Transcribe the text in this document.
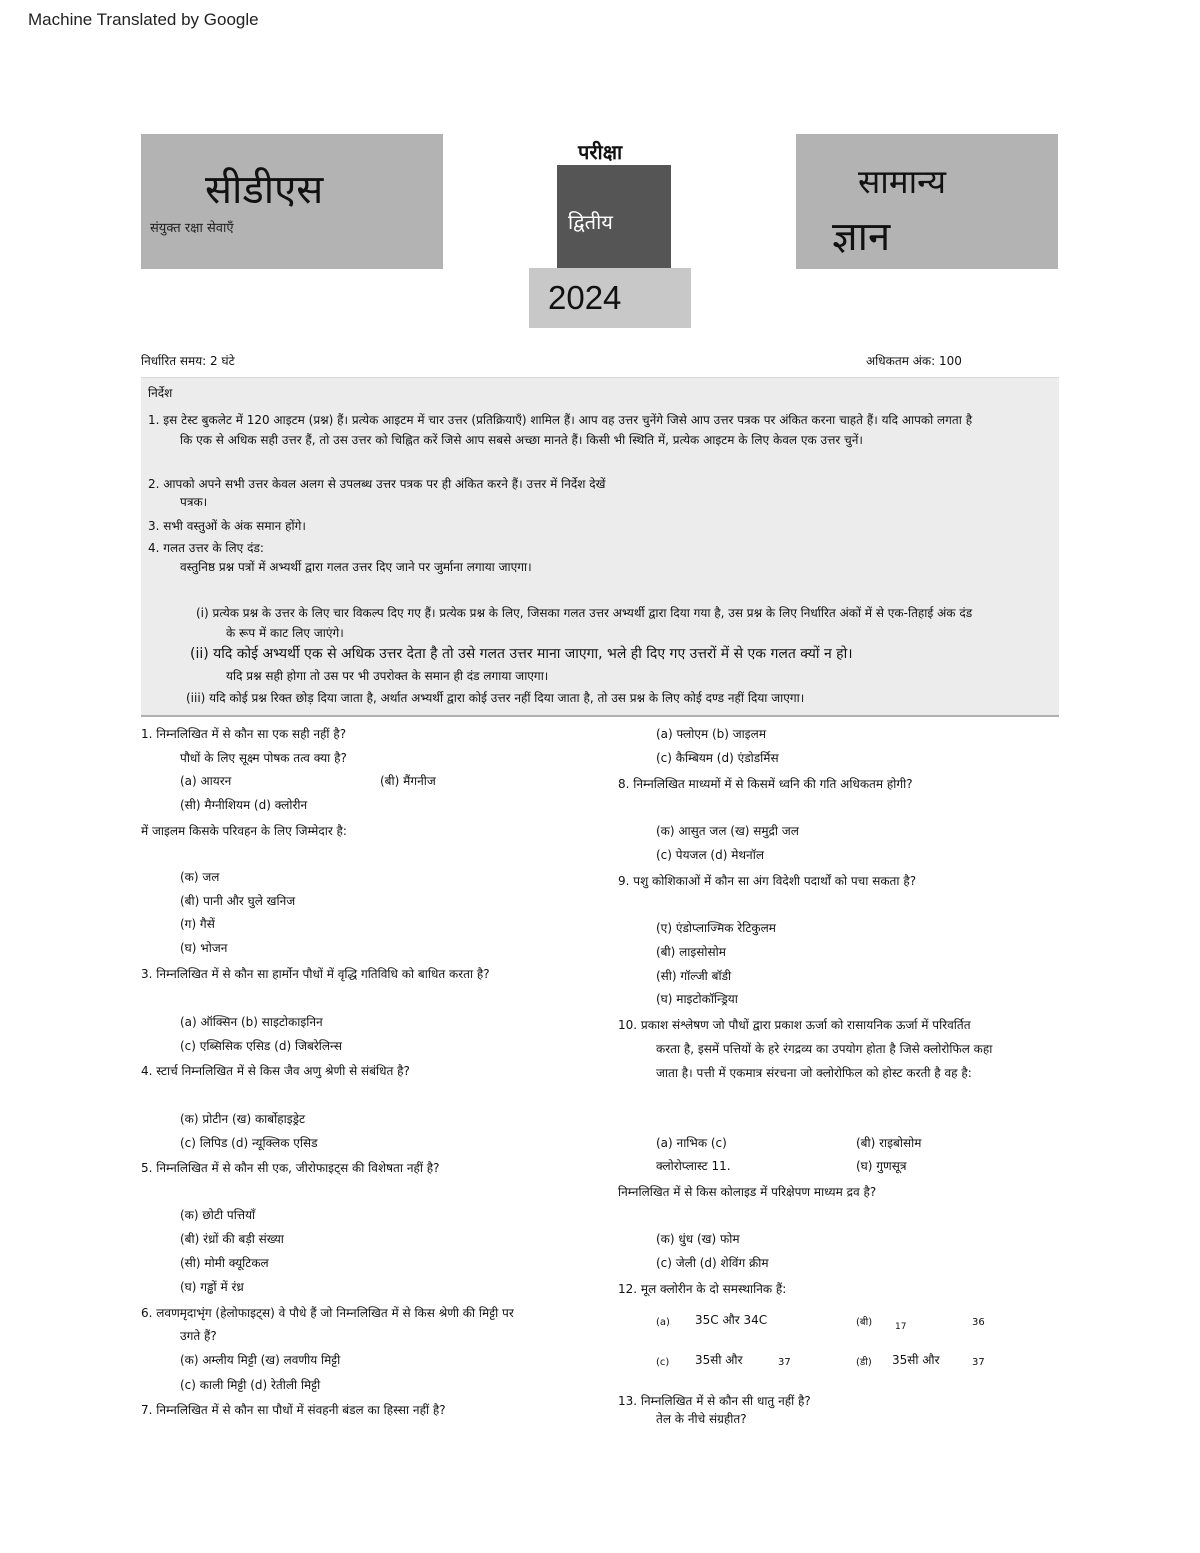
Machine Translated by Google
सीडीएस
संयुक्त रक्षा सेवाएँ
परीक्षा
द्वितीय
2024
सामान्य
ज्ञान
निर्धारित समय: 2 घंटे	अधिकतम अंक: 100
निर्देश
1. इस टेस्ट बुकलेट में 120 आइटम (प्रश्न) हैं। प्रत्येक आइटम में चार उत्तर (प्रतिक्रियाएँ) शामिल हैं। आप वह उत्तर चुनेंगे जिसे आप उत्तर पत्रक पर अंकित करना चाहते हैं। यदि आपको लगता है
कि एक से अधिक सही उत्तर हैं, तो उस उत्तर को चिह्नित करें जिसे आप सबसे अच्छा मानते हैं। किसी भी स्थिति में, प्रत्येक आइटम के लिए केवल एक उत्तर चुनें।
2. आपको अपने सभी उत्तर केवल अलग से उपलब्ध उत्तर पत्रक पर ही अंकित करने हैं। उत्तर में निर्देश देखें
पत्रक।
3. सभी वस्तुओं के अंक समान होंगे।
4. गलत उत्तर के लिए दंड:
वस्तुनिष्ठ प्रश्न पत्रों में अभ्यर्थी द्वारा गलत उत्तर दिए जाने पर जुर्माना लगाया जाएगा।
(i) प्रत्येक प्रश्न के उत्तर के लिए चार विकल्प दिए गए हैं। प्रत्येक प्रश्न के लिए, जिसका गलत उत्तर अभ्यर्थी द्वारा दिया गया है, उस प्रश्न के लिए निर्धारित अंकों में से एक-तिहाई अंक दंड
के रूप में काट लिए जाएंगे।
(ii) यदि कोई अभ्यर्थी एक से अधिक उत्तर देता है तो उसे गलत उत्तर माना जाएगा, भले ही दिए गए उत्तरों में से एक गलत क्यों न हो।
यदि प्रश्न सही होगा तो उस पर भी उपरोक्त के समान ही दंड लगाया जाएगा।
(iii) यदि कोई प्रश्न रिक्त छोड़ दिया जाता है, अर्थात अभ्यर्थी द्वारा कोई उत्तर नहीं दिया जाता है, तो उस प्रश्न के लिए कोई दण्ड नहीं दिया जाएगा।
1. निम्नलिखित में से कौन सा एक सही नहीं है?
पौधों के लिए सूक्ष्म पोषक तत्व क्या है?
(a) आयरन	(बी) मैंगनीज
(सी) मैग्नीशियम (d) क्लोरीन
में जाइलम किसके परिवहन के लिए जिम्मेदार है:
(क) जल
(बी) पानी और घुले खनिज
(ग) गैसें
(घ) भोजन
3. निम्नलिखित में से कौन सा हार्मोन पौधों में वृद्धि गतिविधि को बाधित करता है?
(a) ऑक्सिन (b) साइटोकाइनिन
(c) एब्सिसिक एसिड (d) जिबरेलिन्स
4. स्टार्च निम्नलिखित में से किस जैव अणु श्रेणी से संबंधित है?
(क) प्रोटीन (ख) कार्बोहाइड्रेट
(c) लिपिड (d) न्यूक्लिक एसिड
5. निम्नलिखित में से कौन सी एक, जीरोफाइट्स की विशेषता नहीं है?
(क) छोटी पत्तियाँ
(बी) रंध्रों की बड़ी संख्या
(सी) मोमी क्यूटिकल
(घ) गड्ढों में रंध्र
6. लवणमृदाभृंग (हेलोफाइट्स) वे पौधे हैं जो निम्नलिखित में से किस श्रेणी की मिट्टी पर
उगते हैं?
(क) अम्लीय मिट्टी (ख) लवणीय मिट्टी
(c) काली मिट्टी (d) रेतीली मिट्टी
7. निम्नलिखित में से कौन सा पौधों में संवहनी बंडल का हिस्सा नहीं है?
(a) फ्लोएम (b) जाइलम
(c) कैम्बियम (d) एंडोडर्मिस
8. निम्नलिखित माध्यमों में से किसमें ध्वनि की गति अधिकतम होगी?
(क) आसुत जल (ख) समुद्री जल
(c) पेयजल (d) मेथनॉल
9. पशु कोशिकाओं में कौन सा अंग विदेशी पदार्थों को पचा सकता है?
(ए) एंडोप्लाज्मिक रेटिकुलम
(बी) लाइसोसोम
(सी) गॉल्जी बॉडी
(घ) माइटोकॉन्ड्रिया
10. प्रकाश संश्लेषण जो पौधों द्वारा प्रकाश ऊर्जा को रासायनिक ऊर्जा में परिवर्तित
करता है, इसमें पत्तियों के हरे रंगद्रव्य का उपयोग होता है जिसे क्लोरोफिल कहा
जाता है। पत्ती में एकमात्र संरचना जो क्लोरोफिल को होस्ट करती है वह है:
(a) नाभिक (c)	(बी) राइबोसोम
क्लोरोप्लास्ट 11.	(घ) गुणसूत्र
निम्नलिखित में से किस कोलाइड में परिक्षेपण माध्यम द्रव है?
(क) धुंध (ख) फोम
(c) जेली (d) शेविंग क्रीम
12. मूल क्लोरीन के दो समस्थानिक हैं:
(a) 35C और 34C	(बी)	17	36
(c) 35सी और	37	(डी) 35सी और	37
13. निम्नलिखित में से कौन सी धातु नहीं है?
तेल के नीचे संग्रहीत?
